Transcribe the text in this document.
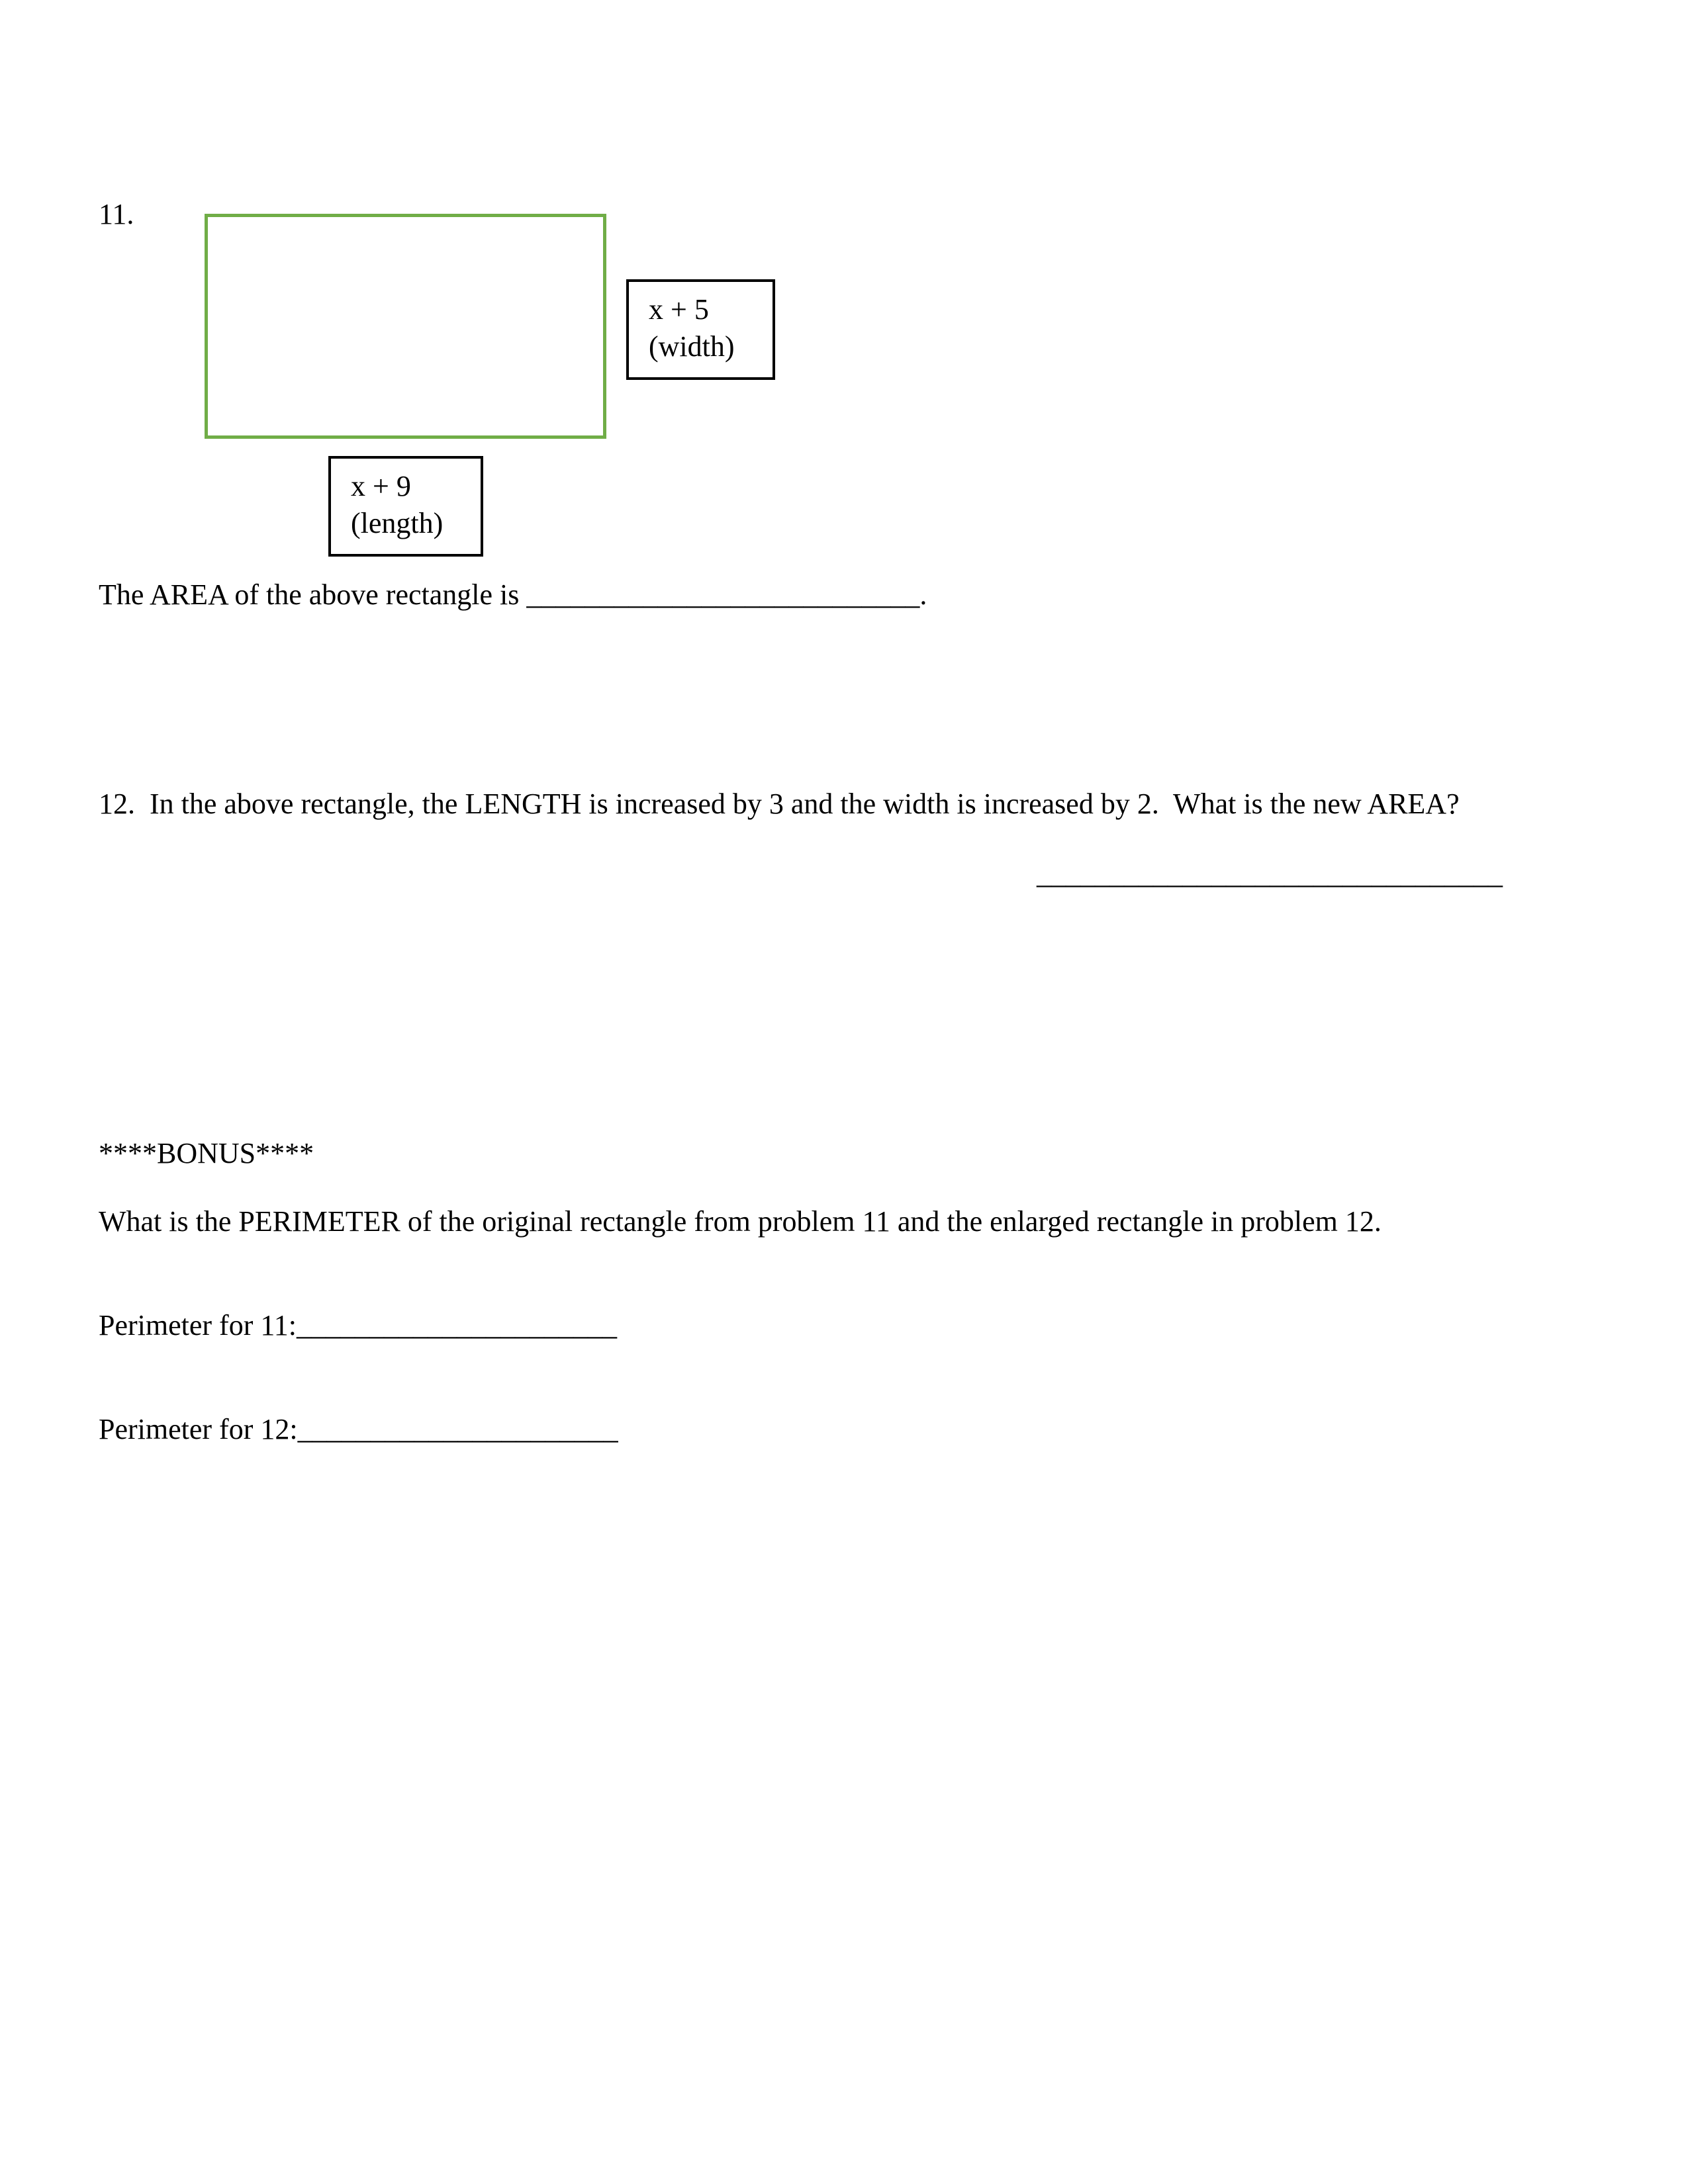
11.
x + 5
(width)
x + 9
(length)
The AREA of the above rectangle is ___________________________.
12.  In the above rectangle, the LENGTH is increased by 3 and the width is increased by 2.  What is the new AREA?
________________________________
****BONUS****
What is the PERIMETER of the original rectangle from problem 11 and the enlarged rectangle in problem 12.
Perimeter for 11:______________________
Perimeter for 12:______________________
